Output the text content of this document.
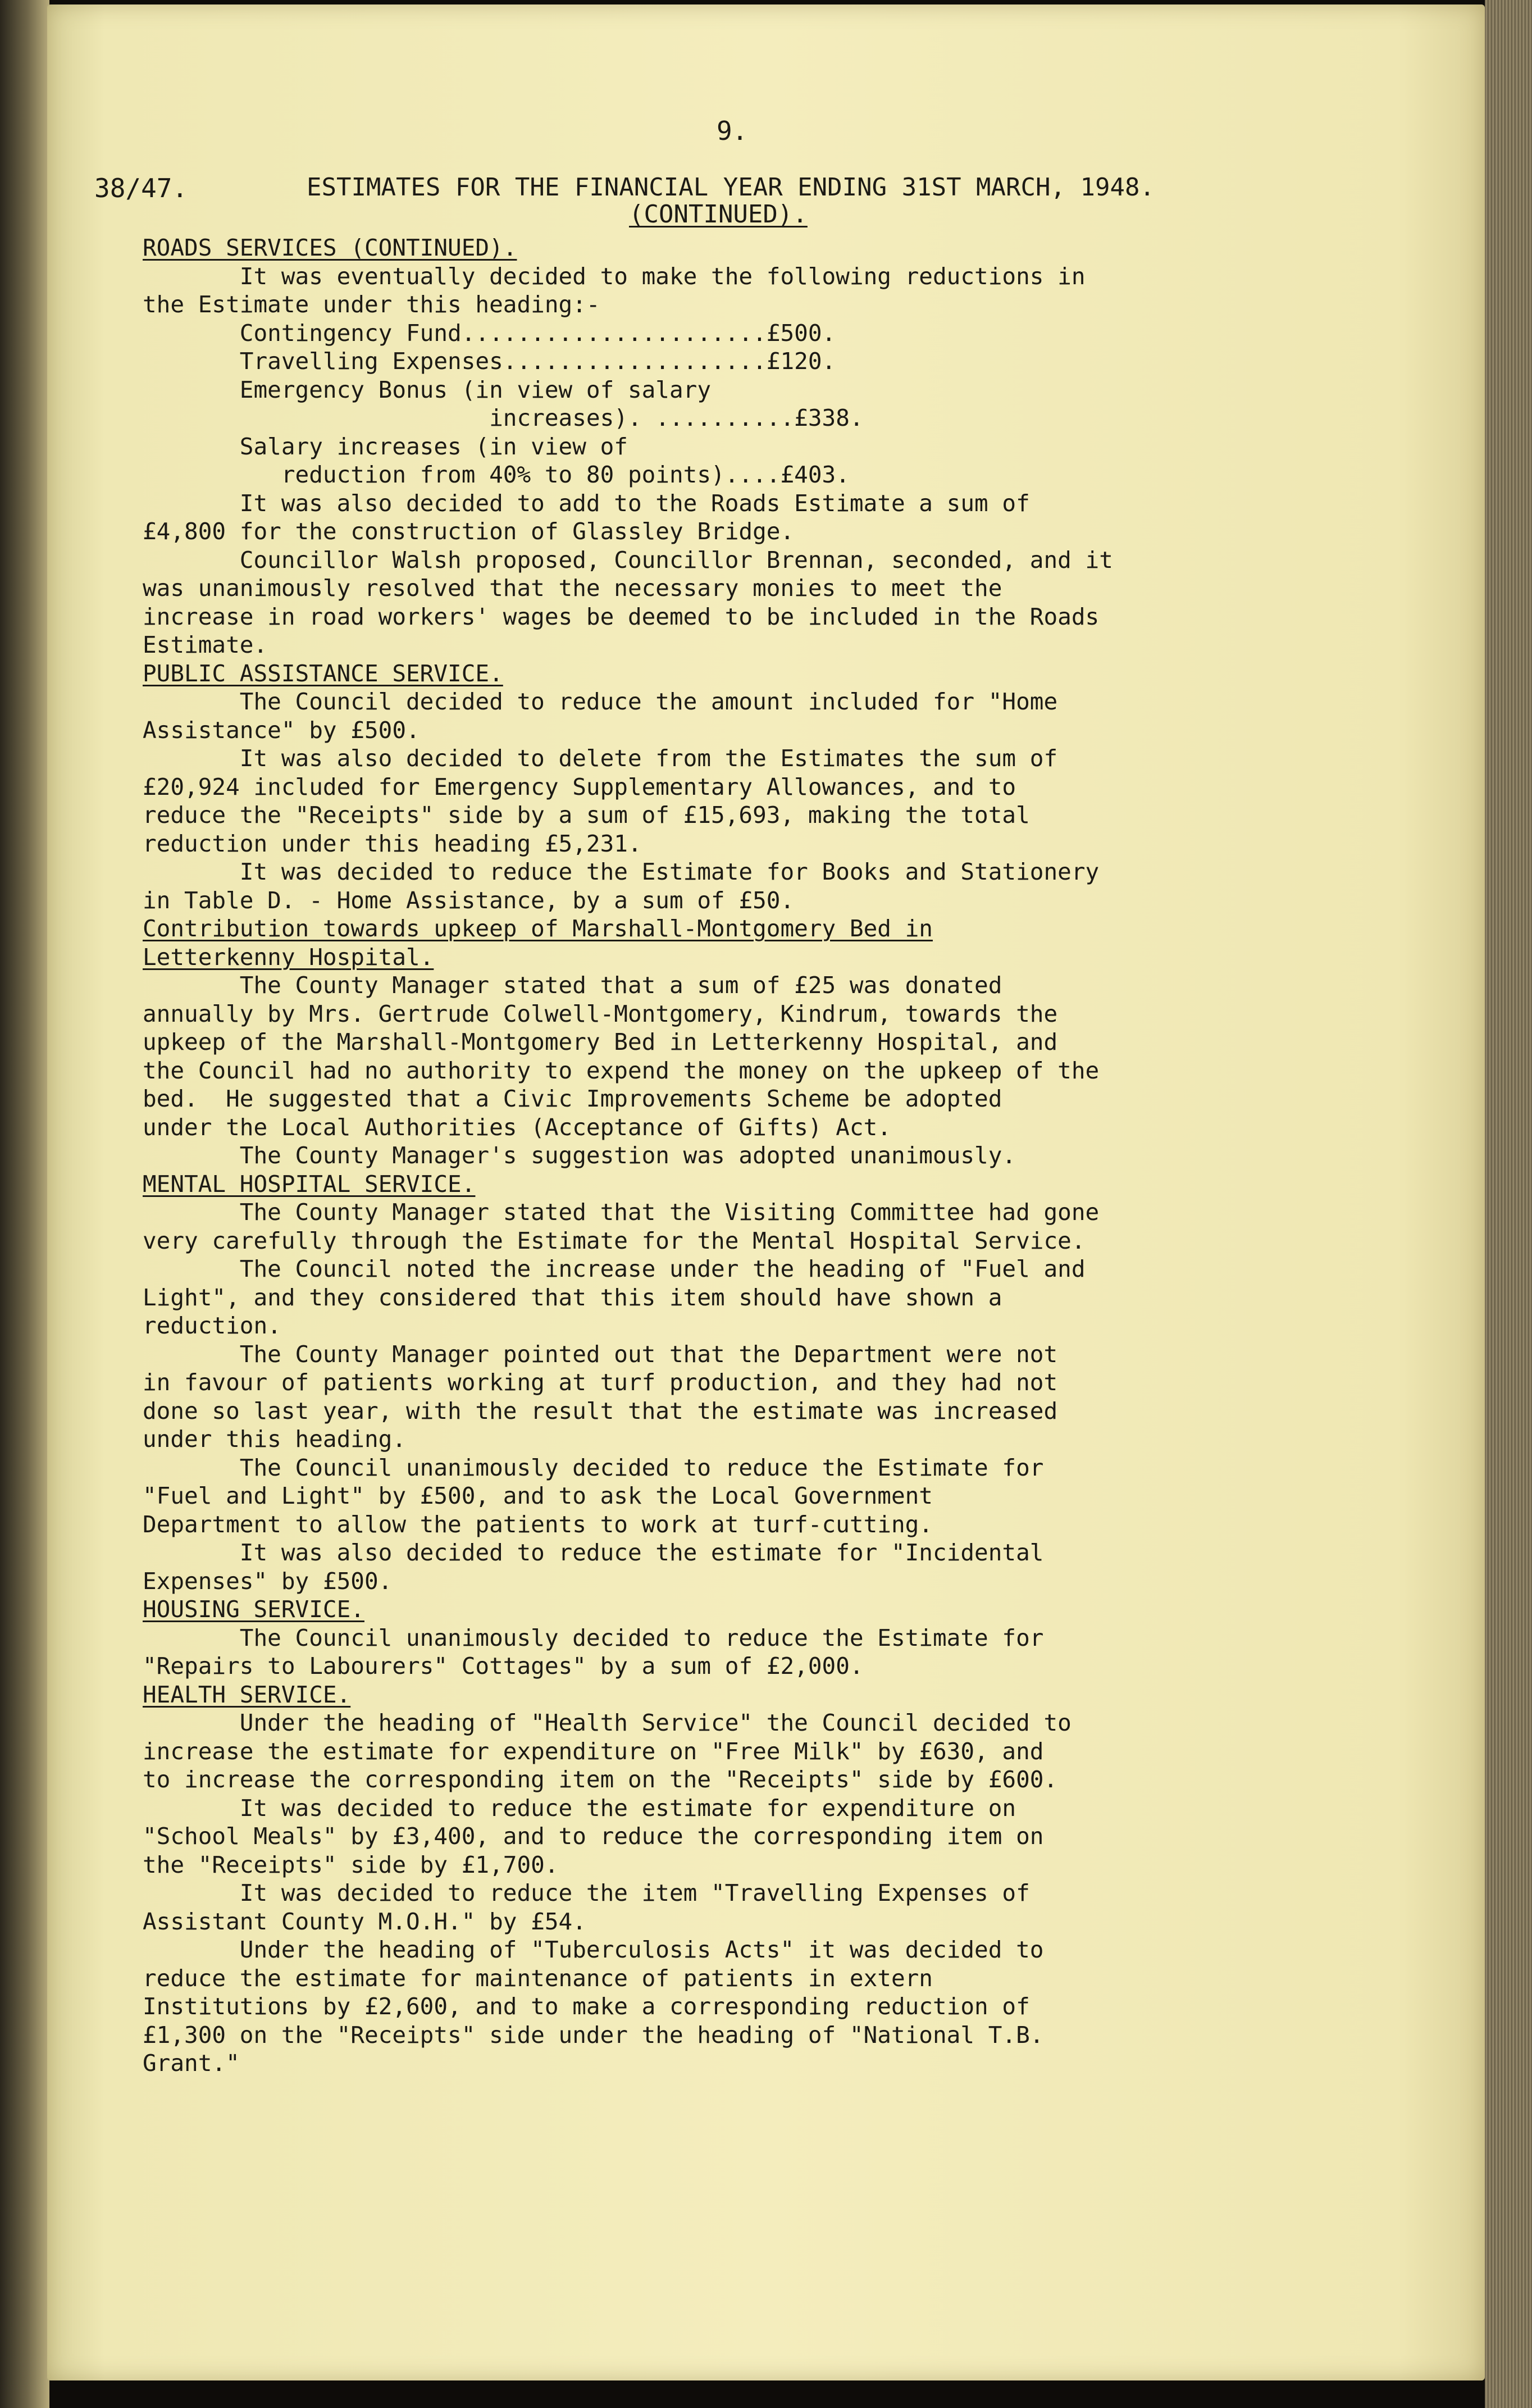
9.
38/47.	ESTIMATES FOR THE FINANCIAL YEAR ENDING 31ST MARCH, 1948.
(CONTINUED).
ROADS SERVICES (CONTINUED).
It was eventually decided to make the following reductions in
the Estimate under this heading:-
Contingency Fund......................£500.
Travelling Expenses...................£120.
Emergency Bonus (in view of salary
increases). ..........£338.
Salary increases (in view of
reduction from 40% to 80 points)....£403.
It was also decided to add to the Roads Estimate a sum of
£4,800 for the construction of Glassley Bridge.
Councillor Walsh proposed, Councillor Brennan, seconded, and it
was unanimously resolved that the necessary monies to meet the
increase in road workers' wages be deemed to be included in the Roads
Estimate.
PUBLIC ASSISTANCE SERVICE.
The Council decided to reduce the amount included for "Home
Assistance" by £500.
It was also decided to delete from the Estimates the sum of
£20,924 included for Emergency Supplementary Allowances, and to
reduce the "Receipts" side by a sum of £15,693, making the total
reduction under this heading £5,231.
It was decided to reduce the Estimate for Books and Stationery
in Table D. - Home Assistance, by a sum of £50.
Contribution towards upkeep of Marshall-Montgomery Bed in
Letterkenny Hospital.
The County Manager stated that a sum of £25 was donated
annually by Mrs. Gertrude Colwell-Montgomery, Kindrum, towards the
upkeep of the Marshall-Montgomery Bed in Letterkenny Hospital, and
the Council had no authority to expend the money on the upkeep of the
bed.  He suggested that a Civic Improvements Scheme be adopted
under the Local Authorities (Acceptance of Gifts) Act.
The County Manager's suggestion was adopted unanimously.
MENTAL HOSPITAL SERVICE.
The County Manager stated that the Visiting Committee had gone
very carefully through the Estimate for the Mental Hospital Service.
The Council noted the increase under the heading of "Fuel and
Light", and they considered that this item should have shown a
reduction.
The County Manager pointed out that the Department were not
in favour of patients working at turf production, and they had not
done so last year, with the result that the estimate was increased
under this heading.
The Council unanimously decided to reduce the Estimate for
"Fuel and Light" by £500, and to ask the Local Government
Department to allow the patients to work at turf-cutting.
It was also decided to reduce the estimate for "Incidental
Expenses" by £500.
HOUSING SERVICE.
The Council unanimously decided to reduce the Estimate for
"Repairs to Labourers" Cottages" by a sum of £2,000.
HEALTH SERVICE.
Under the heading of "Health Service" the Council decided to
increase the estimate for expenditure on "Free Milk" by £630, and
to increase the corresponding item on the "Receipts" side by £600.
It was decided to reduce the estimate for expenditure on
"School Meals" by £3,400, and to reduce the corresponding item on
the "Receipts" side by £1,700.
It was decided to reduce the item "Travelling Expenses of
Assistant County M.O.H." by £54.
Under the heading of "Tuberculosis Acts" it was decided to
reduce the estimate for maintenance of patients in extern
Institutions by £2,600, and to make a corresponding reduction of
£1,300 on the "Receipts" side under the heading of "National T.B.
Grant."
